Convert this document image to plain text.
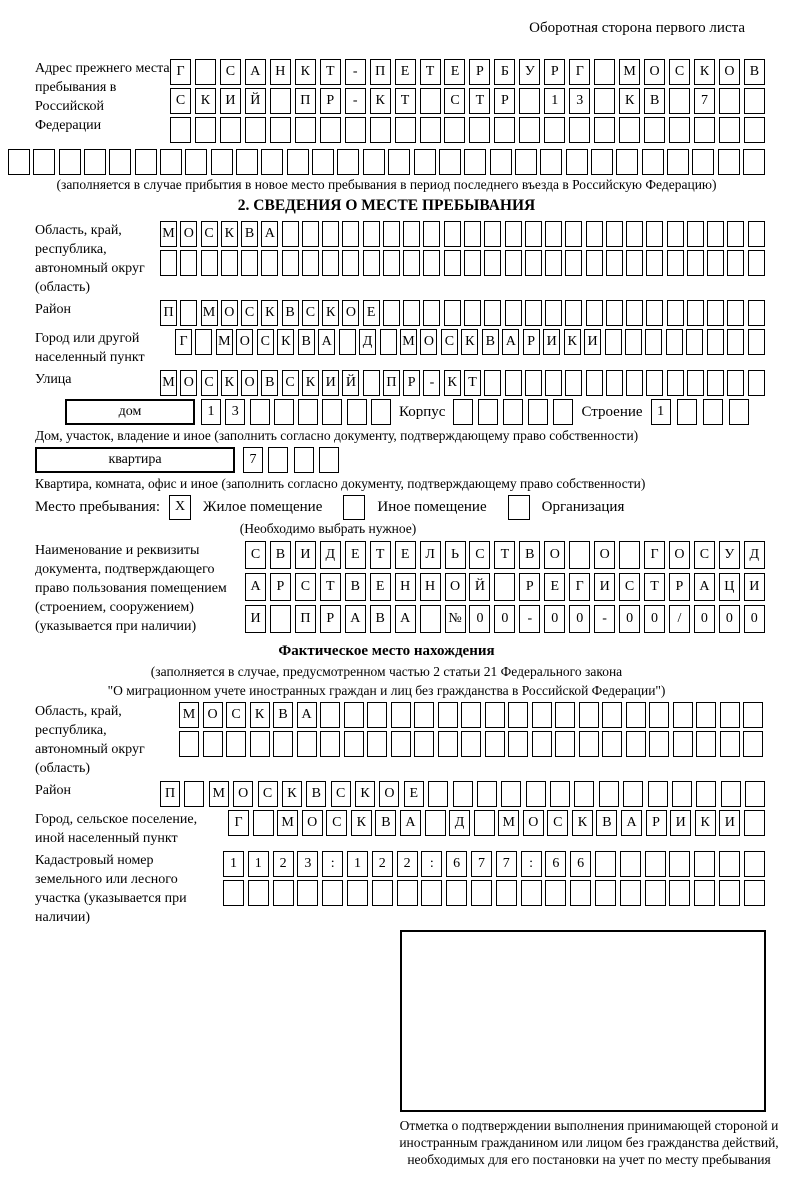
Оборотная сторона первого листа
Адрес прежнего места пребывания в Российской Федерации
Г	С	А	Н	К	Т	-	П	Е	Т	Е	Р	Б	У	Р	Г	М О	С	К	О	В
С	К	И	Й	П	Р	-	К	Т	С	Т	Р	1	3	К	В	7
(заполняется в случае прибытия в новое место пребывания в период последнего въезда в Российскую Федерацию)
2. СВЕДЕНИЯ О МЕСТЕ ПРЕБЫВАНИЯ
Область, край, республика, автономный округ (область)
М О С К В А
Район	П М О С К В С К О Е
Город или другой населенный пункт
Г	М О С К В А Д М О С К В А Р И К И
Улица	М О С К О В С К И Й П Р	- К Т
дом	1	3	Корпус	Строение	1
Дом, участок, владение и иное (заполнить согласно документу, подтверждающему право собственности)
квартира	7
Квартира, комната, офис и иное (заполнить согласно документу, подтверждающему право собственности)
Место пребывания:	X	Жилое помещение	Иное помещение	Организация
(Необходимо выбрать нужное)
Наименование и реквизиты документа, подтверждающего право пользования помещением (строением, сооружением) (указывается при наличии)
С	В	И	Д	Е	Т	Е	Л	Ь	С	Т	В	О	О	Г	О	С	У	Д
А	Р	С	Т	В	Е	Н	Н	О	Й	Р	Е	Г	И	С	Т	Р	А	Ц	И
И	П	Р	А	В	А	№	0	0	-	0	0	-	0	0	/	0	0	0
Фактическое место нахождения
(заполняется в случае, предусмотренном частью 2 статьи 21 Федерального закона
"О миграционном учете иностранных граждан и лиц без гражданства в Российской Федерации")
Область, край, республика, автономный округ (область)
М О С	К	В А
Район	П	М О	С	К	В	С	К	О	Е
Город, сельское поселение, иной населенный пункт
Г	М О	С	К	В	А	Д	М О	С	К	В	А	Р	И	К	И
Кадастровый номер земельного или лесного участка (указывается при наличии)
1	1	2	3	:	1	2	2	:	6	7	7	:	6	6
Отметка о подтверждении выполнения принимающей стороной и иностранным гражданином или лицом без гражданства действий, необходимых для его постановки на учет по месту пребывания
